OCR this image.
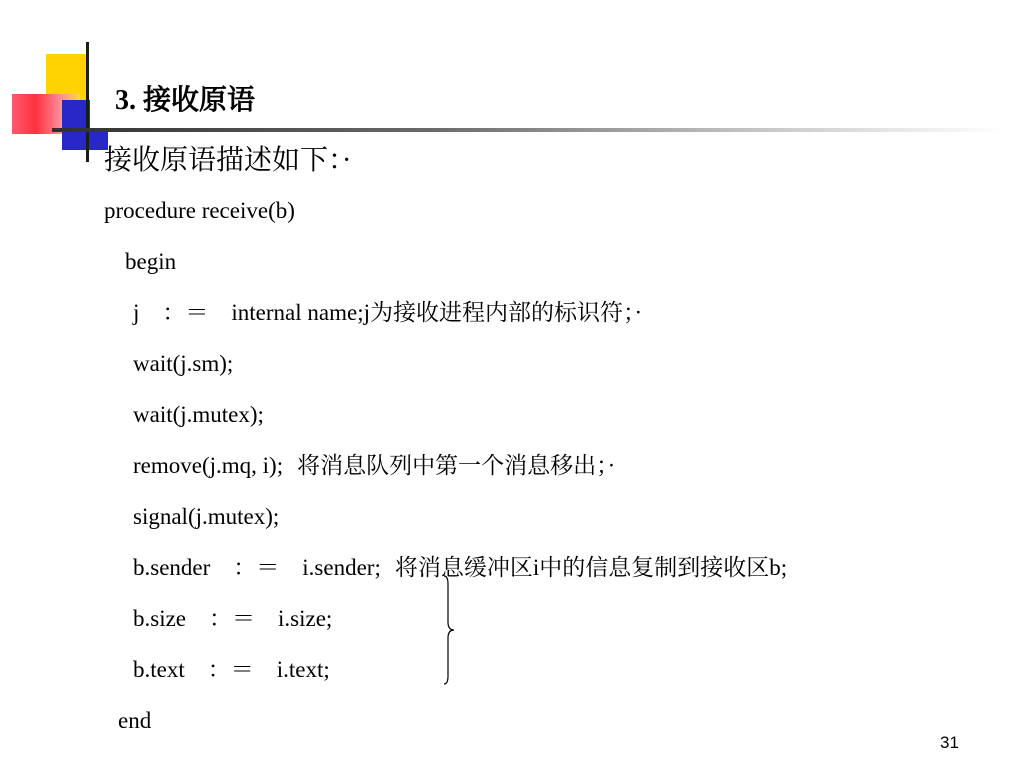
3. 接收原语
接收原语描述如下：·
procedure receive(b)
begin
j　：＝　internal name;j为接收进程内部的标识符；·
wait(j.sm);
wait(j.mutex);
remove(j.mq, i); 将消息队列中第一个消息移出；·
signal(j.mutex);
b.sender　：＝　i.sender; 将消息缓冲区i中的信息复制到接收区b;
b.size　：＝　i.size;
b.text　：＝　i.text;
end
31
